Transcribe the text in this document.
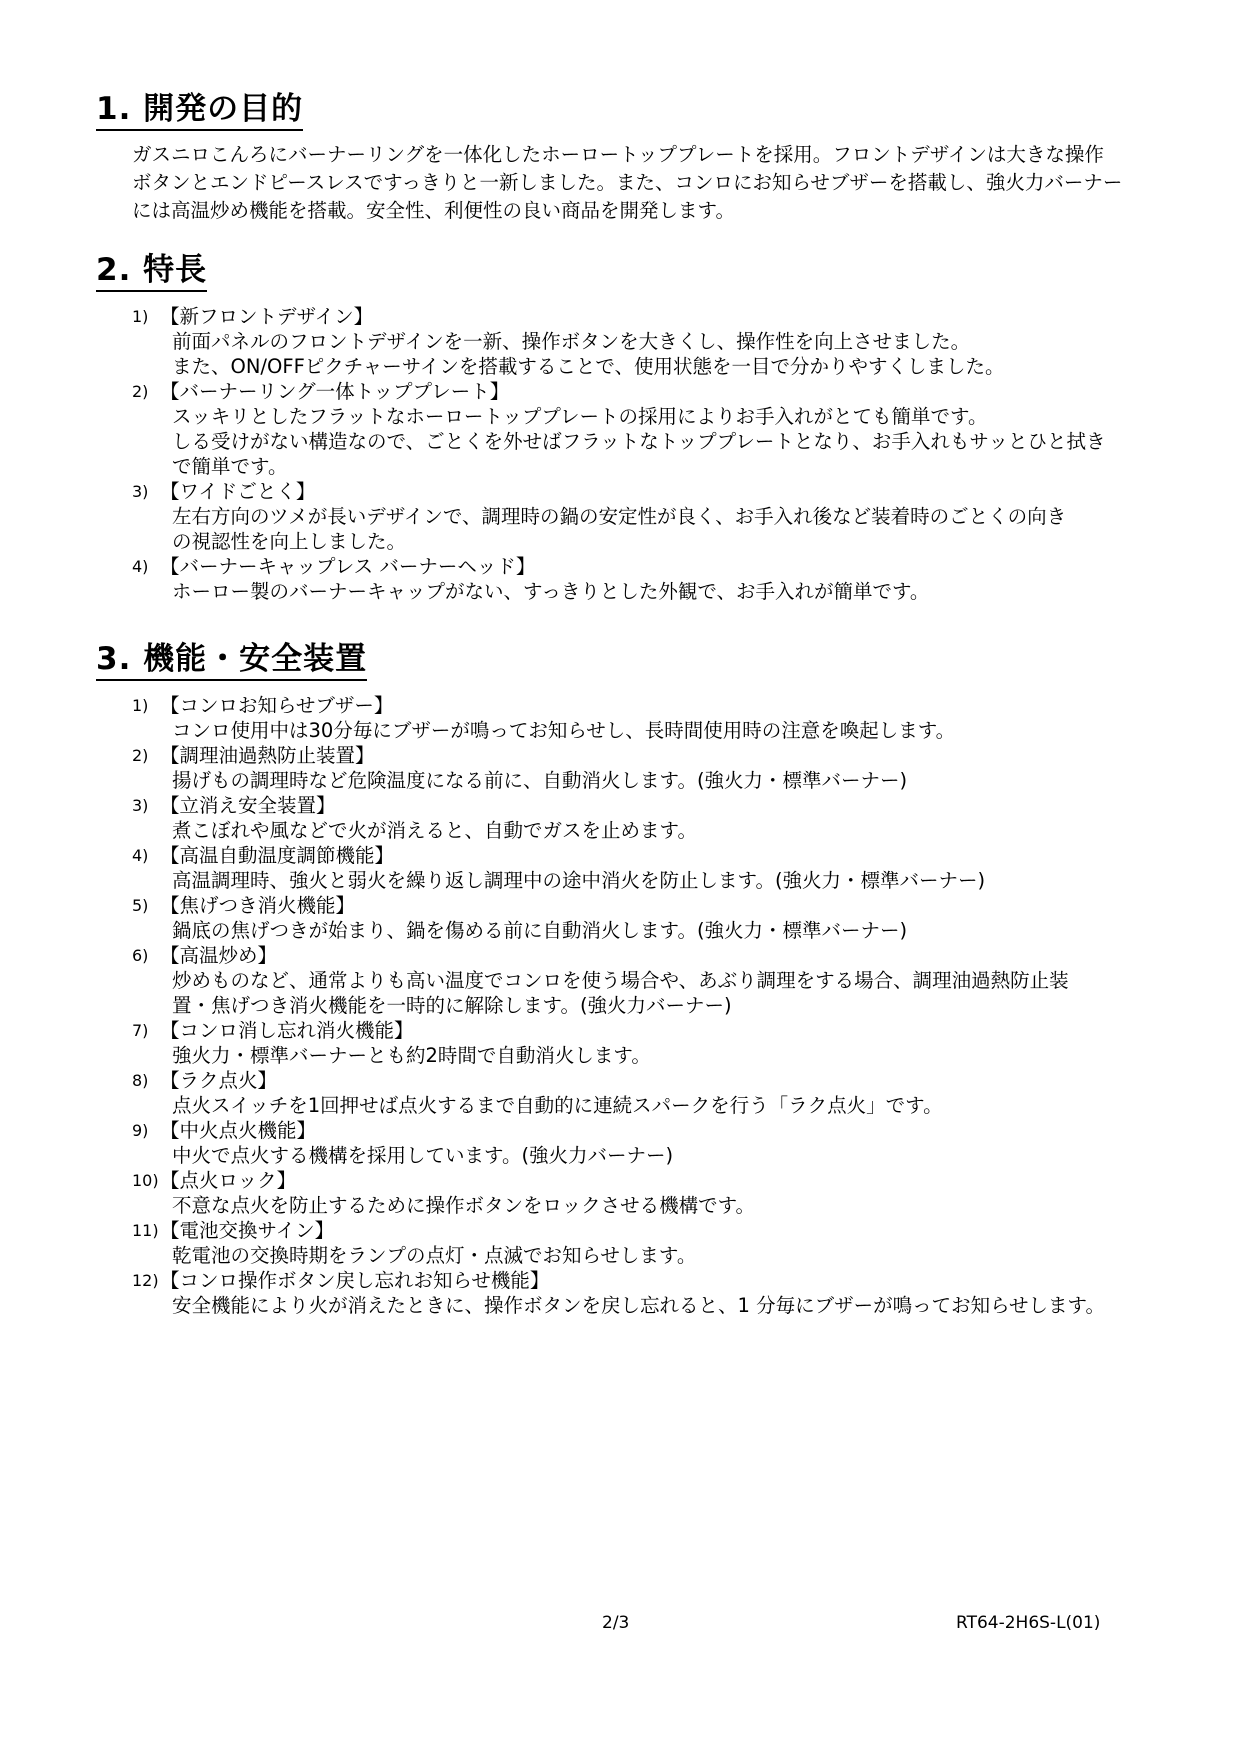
1. 開発の目的
ガスニロこんろにバーナーリングを一体化したホーロートッププレートを採用。フロントデザインは大きな操作
ボタンとエンドピースレスですっきりと一新しました。また、コンロにお知らせブザーを搭載し、強火力バーナー
には高温炒め機能を搭載。安全性、利便性の良い商品を開発します。
2. 特長
1) 【新フロントデザイン】
前面パネルのフロントデザインを一新、操作ボタンを大きくし、操作性を向上させました。
また、ON/OFFピクチャーサインを搭載することで、使用状態を一目で分かりやすくしました。
2) 【バーナーリング一体トッププレート】
スッキリとしたフラットなホーロートッププレートの採用によりお手入れがとても簡単です。
しる受けがない構造なので、ごとくを外せばフラットなトッププレートとなり、お手入れもサッとひと拭き
で簡単です。
3) 【ワイドごとく】
左右方向のツメが長いデザインで、調理時の鍋の安定性が良く、お手入れ後など装着時のごとくの向き
の視認性を向上しました。
4) 【バーナーキャップレス バーナーヘッド】
ホーロー製のバーナーキャップがない、すっきりとした外観で、お手入れが簡単です。
3. 機能・安全装置
1) 【コンロお知らせブザー】
コンロ使用中は30分毎にブザーが鳴ってお知らせし、長時間使用時の注意を喚起します。
2) 【調理油過熱防止装置】
揚げもの調理時など危険温度になる前に、自動消火します。(強火力・標準バーナー)
3) 【立消え安全装置】
煮こぼれや風などで火が消えると、自動でガスを止めます。
4) 【高温自動温度調節機能】
高温調理時、強火と弱火を繰り返し調理中の途中消火を防止します。(強火力・標準バーナー)
5) 【焦げつき消火機能】
鍋底の焦げつきが始まり、鍋を傷める前に自動消火します。(強火力・標準バーナー)
6) 【高温炒め】
炒めものなど、通常よりも高い温度でコンロを使う場合や、あぶり調理をする場合、調理油過熱防止装
置・焦げつき消火機能を一時的に解除します。(強火力バーナー)
7) 【コンロ消し忘れ消火機能】
強火力・標準バーナーとも約2時間で自動消火します。
8) 【ラク点火】
点火スイッチを1回押せば点火するまで自動的に連続スパークを行う「ラク点火」です。
9) 【中火点火機能】
中火で点火する機構を採用しています。(強火力バーナー)
10) 【点火ロック】
不意な点火を防止するために操作ボタンをロックさせる機構です。
11) 【電池交換サイン】
乾電池の交換時期をランプの点灯・点滅でお知らせします。
12) 【コンロ操作ボタン戻し忘れお知らせ機能】
安全機能により火が消えたときに、操作ボタンを戻し忘れると、1 分毎にブザーが鳴ってお知らせします。
2/3	RT64-2H6S-L(01)
